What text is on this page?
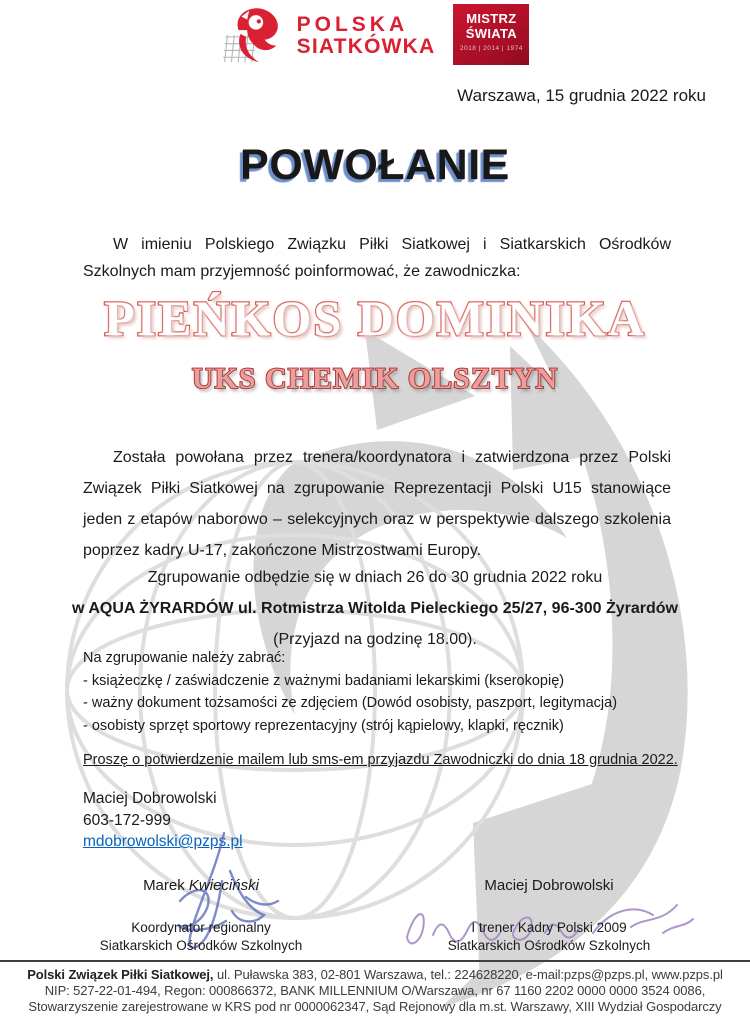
POLSKA
SIATKÓWKA
MISTRZ
ŚWIATA
2018 | 2014 | 1974
Warszawa, 15 grudnia 2022 roku
POWOŁANIE
W imieniu Polskiego Związku Piłki Siatkowej i Siatkarskich Ośrodków Szkolnych mam przyjemność poinformować, że zawodniczka:
PIEŃKOS DOMINIKA
UKS CHEMIK OLSZTYN
Została powołana przez trenera/koordynatora i zatwierdzona przez Polski Związek Piłki Siatkowej na zgrupowanie Reprezentacji Polski U15 stanowiące jeden z etapów naborowo – selekcyjnych oraz w perspektywie dalszego szkolenia poprzez kadry U-17, zakończone Mistrzostwami Europy.
Zgrupowanie odbędzie się w dniach 26 do 30 grudnia 2022 roku
w AQUA ŻYRARDÓW ul. Rotmistrza Witolda Pieleckiego 25/27, 96-300 Żyrardów
(Przyjazd na godzinę 18.00).
Na zgrupowanie należy zabrać:
- książeczkę / zaświadczenie z ważnymi badaniami lekarskimi (kserokopię)
- ważny dokument tożsamości ze zdjęciem (Dowód osobisty, paszport, legitymacja)
- osobisty sprzęt sportowy reprezentacyjny (strój kąpielowy, klapki, ręcznik)
Proszę o potwierdzenie mailem lub sms-em przyjazdu Zawodniczki do dnia 18 grudnia 2022.
Maciej Dobrowolski
603-172-999
mdobrowolski@pzps.pl
Marek Kwieciński
Koordynator regionalny
Siatkarskich Ośrodków Szkolnych
Maciej Dobrowolski
I trener Kadry Polski 2009
Siatkarskich Ośrodków Szkolnych
Polski Związek Piłki Siatkowej, ul. Puławska 383, 02-801 Warszawa, tel.: 224628220, e-mail:pzps@pzps.pl, www.pzps.pl
NIP: 527-22-01-494, Regon: 000866372, BANK MILLENNIUM O/Warszawa, nr 67 1160 2202 0000 0000 3524 0086,
Stowarzyszenie zarejestrowane w KRS pod nr 0000062347, Sąd Rejonowy dla m.st. Warszawy, XIII Wydział Gospodarczy
